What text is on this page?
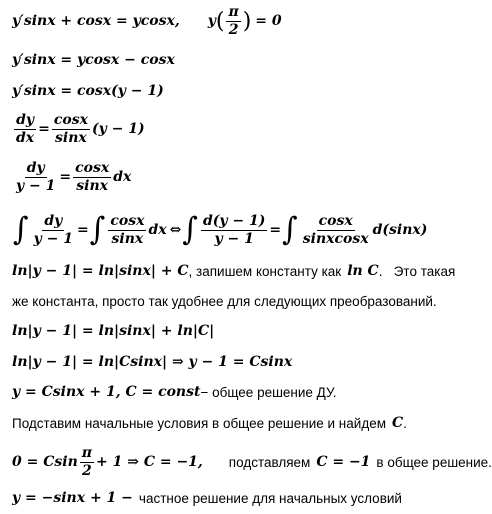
y′sinx + cosx = ycosx, y ( $\frac{\pi}{2}$ ) = 0
y′sinx = ycosx − cosx
y′sinx = cosx(y − 1)
$\frac{dy}{dx} = \frac{\cos x}{\sin x} (y - 1)$
$\frac{dy}{y - 1} = \frac{\cos x}{\sin x}$ dx
∫ $\frac{dy}{y - 1}$ = ∫ $\frac{\cos x}{\sin x}$ dx ⇔ ∫ $\frac{d(y - 1)}{y - 1}$ = ∫ $\frac{\cos x}{\text{sinxcosx}} d(\sin x)$
ln|y − 1| = ln|sinx| + C , запишем константу как ln C .   Это такая
же константа, просто так удобнее для следующих преобразований.
ln|y − 1| = ln|sinx| + ln|C|
ln|y − 1| = ln|Csinx| ⇒ y − 1 = Csinx
y = Csinx + 1, C = const − общее решение ДУ.
Подставим начальные условия в общее решение и найдем C .
0 = Csin $\frac{\pi}{2} + 1$ ⇒ C = −1, подставляем C = −1 в общее решение.
y = −sinx + 1 − частное решение для начальных условий
